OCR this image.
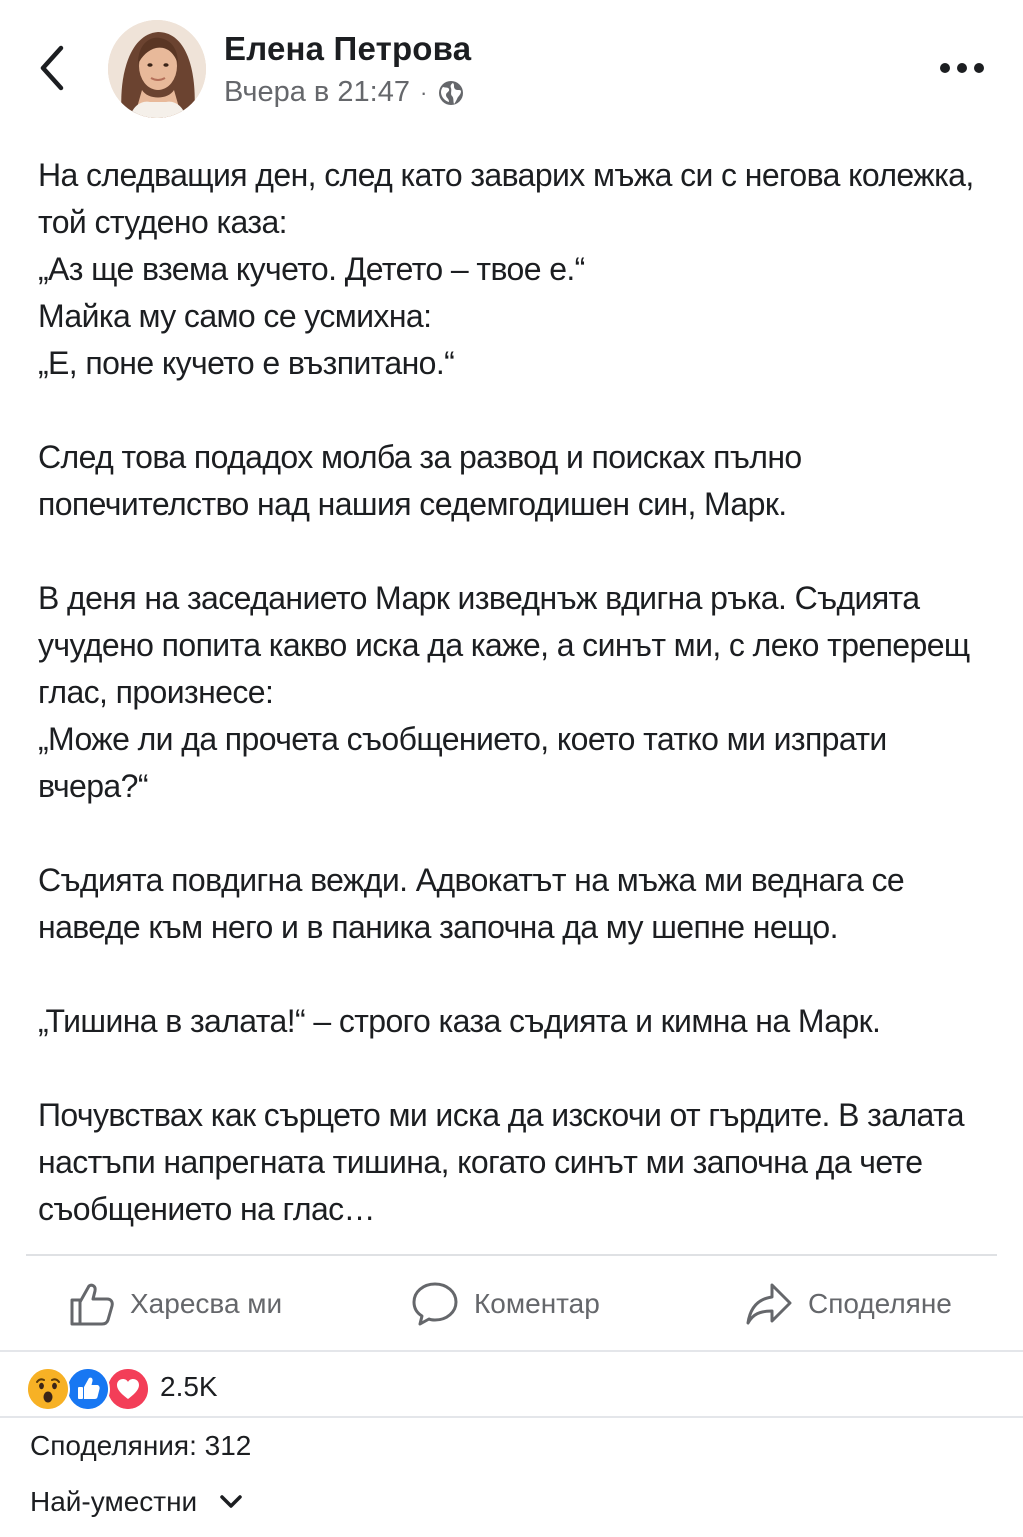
Елена Петрова
Вчера в 21:47 ·

На следващия ден, след като заварих мъжа си с негова колежка, той студено каза:
„Аз ще взема кучето. Детето – твое е.“
Майка му само се усмихна:
„Е, поне кучето е възпитано.“

След това подадох молба за развод и поисках пълно попечителство над нашия седемгодишен син, Марк.

В деня на заседанието Марк изведнъж вдигна ръка. Съдията учудено попита какво иска да каже, а синът ми, с леко треперещ глас, произнесе:
„Може ли да прочета съобщението, което татко ми изпрати вчера?“

Съдията повдигна вежди. Адвокатът на мъжа ми веднага се наведе към него и в паника започна да му шепне нещо.

„Тишина в залата!“ – строго каза съдията и кимна на Марк.

Почувствах как сърцето ми иска да изскочи от гърдите. В залата настъпи напрегната тишина, когато синът ми започна да чете съобщението на глас…

Харесва ми	Коментар	Споделяне
2.5K
Споделяния: 312
Най-уместни
